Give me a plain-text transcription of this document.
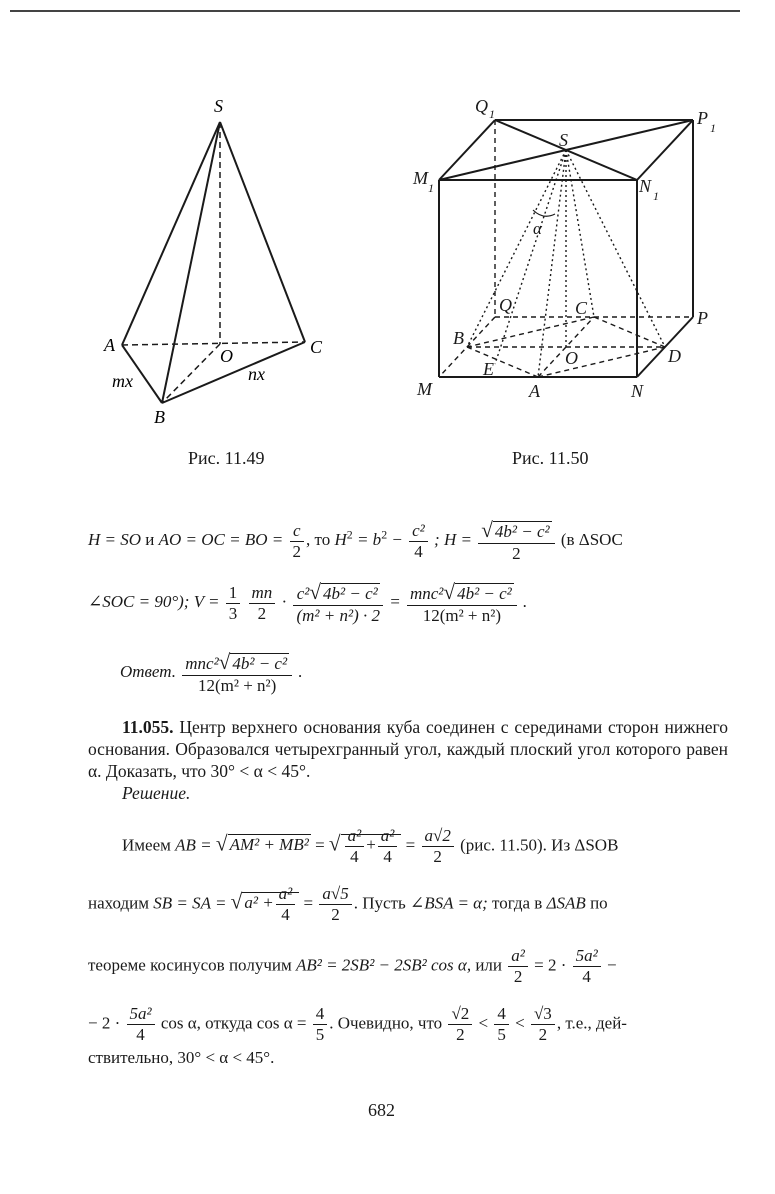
S
A
B
C
O
mx	nx
Рис. 11.49
Q 1	P 1
M 1	N 1
S
α
Q	C	P
B
D
O
E
M	A	N
Рис. 11.50
H = SO и AO = OC = BO = $\frac{c}{2}$ , то $H^2 = b^2 - \frac{\text{c²}}{4}$ ; $H = \frac{\text{√ 4b² − c²}}{2} (в$ ΔSOC
∠SOC = 90°); $V = \frac{1}{3}$
$\frac{mn}{2} \cdot \frac{\text{c²√ 4b² − c²}}{\text{(m² + n²) · 2}} = \frac{\text{mnc²√ 4b² − c²}}{\text{12(m² + n²)}}$ .
Ответ. $\frac{\text{mnc²√ 4b² − c²}}{\text{12(m² + n²)}}$ .
11.055. Центр верхнего основания куба соединен с серединами сторон нижнего основания. Образовался четырехгранный угол, каждый плоский угол которого равен α. Доказать, что 30° < α < 45°.
Решение.
Имеем AB = √ AM² + MB² = √ $\frac{\text{a²}}{4} + \frac{\text{a²}}{4} = \frac{a√2}{2} (рис$. 11.50). Из ΔSOB
находим SB = SA = √ $a^2 + \frac{\text{a²}}{4} = \frac{a√5}{2}$ . Пусть ∠BSA = α; тогда в ΔSAB по
теореме косинусов получим AB² = 2SB² − 2SB² cos α, или $\frac{\text{a²}}{2} = 2 \cdot \frac{\text{5a²}}{4}$ −
− $2 \cdot \frac{\text{5a²}}{4}$ cos α, откуда $\cos \alpha = \frac{4}{5}$ . Очевидно, что $\frac{√2}{2} < \frac{4}{5} < \frac{√3}{2}$ , т.е., дей-
ствительно, 30° < α < 45°.
682
